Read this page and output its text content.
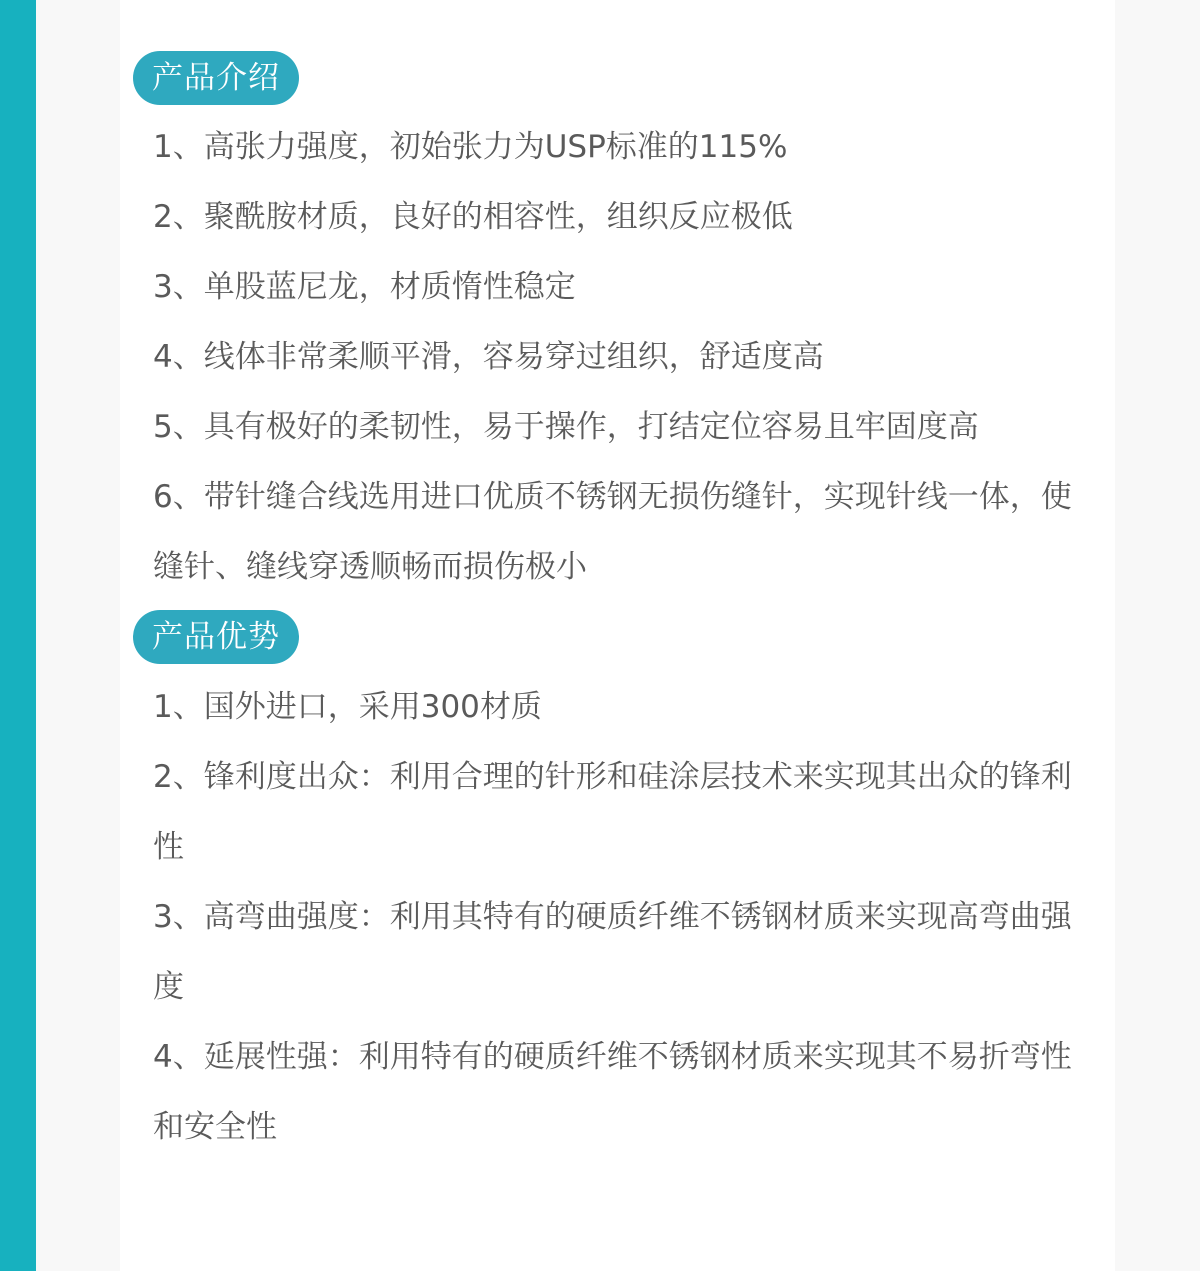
产品介绍
1、高张力强度，初始张力为USP标准的115%
2、聚酰胺材质，良好的相容性，组织反应极低
3、单股蓝尼龙，材质惰性稳定
4、线体非常柔顺平滑，容易穿过组织，舒适度高
5、具有极好的柔韧性，易于操作，打结定位容易且牢固度高
6、带针缝合线选用进口优质不锈钢无损伤缝针，实现针线一体，使缝针、缝线穿透顺畅而损伤极小
产品优势
1、国外进口，采用300材质
2、锋利度出众：利用合理的针形和硅涂层技术来实现其出众的锋利性
3、高弯曲强度：利用其特有的硬质纤维不锈钢材质来实现高弯曲强度
4、延展性强：利用特有的硬质纤维不锈钢材质来实现其不易折弯性和安全性
